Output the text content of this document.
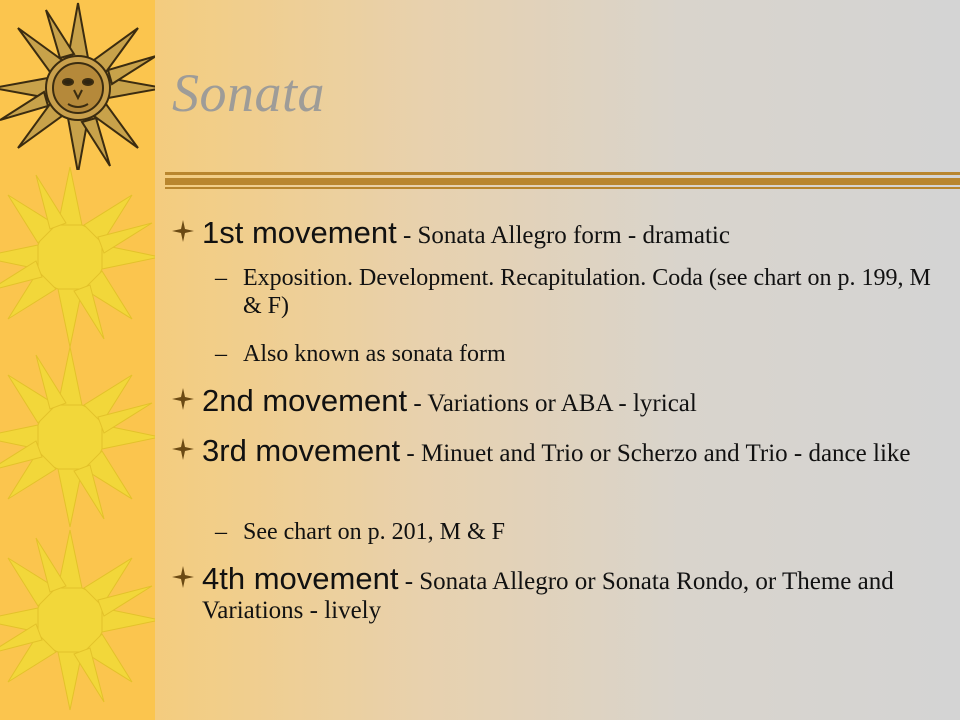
Sonata
1st movement - Sonata Allegro form - dramatic
– Exposition. Development. Recapitulation. Coda (see chart on p. 199, M & F)
– Also known as sonata form
2nd movement - Variations or ABA - lyrical
3rd movement - Minuet and Trio or Scherzo and Trio - dance like
– See chart on p. 201, M & F
4th movement - Sonata Allegro or Sonata Rondo, or Theme and Variations - lively
